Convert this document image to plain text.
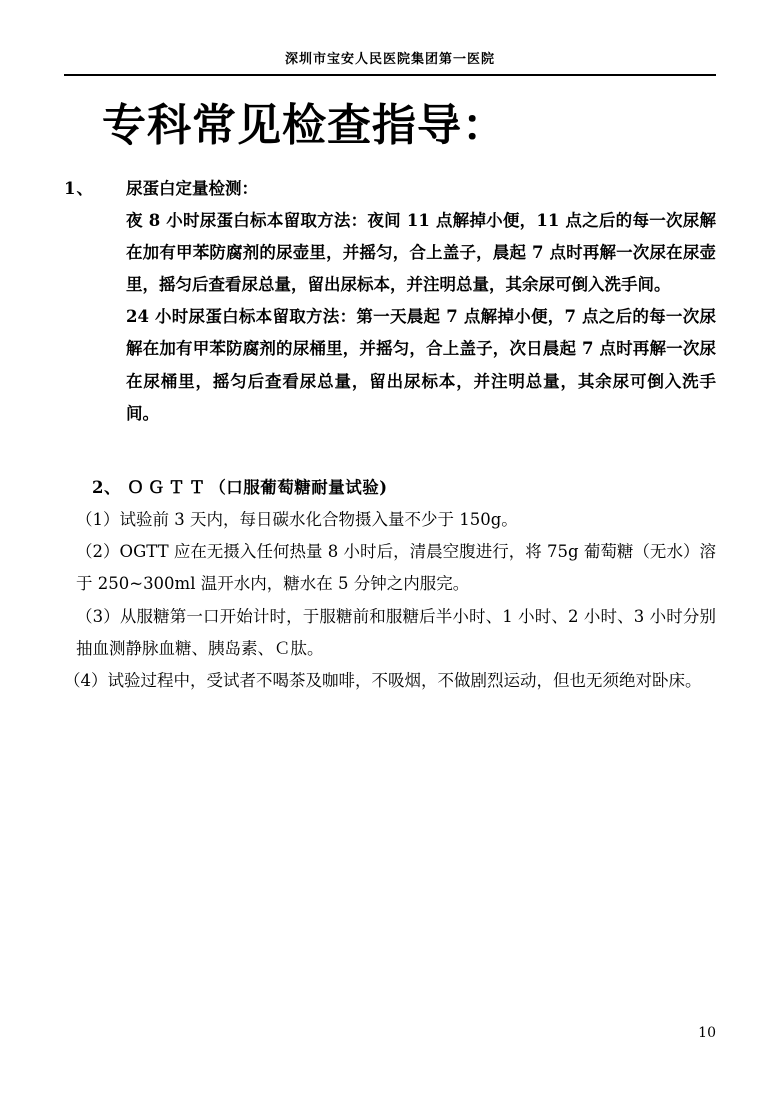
深圳市宝安人民医院集团第一医院
专科常见检查指导：
1、	尿蛋白定量检测：
夜 8 小时尿蛋白标本留取方法：夜间 11 点解掉小便，11 点之后的每一次尿解在加有甲苯防腐剂的尿壶里，并摇匀，合上盖子，晨起 7 点时再解一次尿在尿壶里，摇匀后查看尿总量，留出尿标本，并注明总量，其余尿可倒入洗手间。
24 小时尿蛋白标本留取方法：第一天晨起 7 点解掉小便，7 点之后的每一次尿解在加有甲苯防腐剂的尿桶里，并摇匀，合上盖子，次日晨起 7 点时再解一次尿在尿桶里，摇匀后查看尿总量，留出尿标本，并注明总量，其余尿可倒入洗手间。
2、 ＯＧＴＴ（口服葡萄糖耐量试验)
（1）试验前 3 天内，每日碳水化合物摄入量不少于 150g。
（2）OGTT 应在无摄入任何热量 8 小时后，清晨空腹进行，将 75g 葡萄糖（无水）溶于 250~300ml 温开水内，糖水在 5 分钟之内服完。
（3）从服糖第一口开始计时，于服糖前和服糖后半小时、1 小时、2 小时、3 小时分别抽血测静脉血糖、胰岛素、Ｃ肽。
（4）试验过程中，受试者不喝茶及咖啡，不吸烟，不做剧烈运动，但也无须绝对卧床。
10
